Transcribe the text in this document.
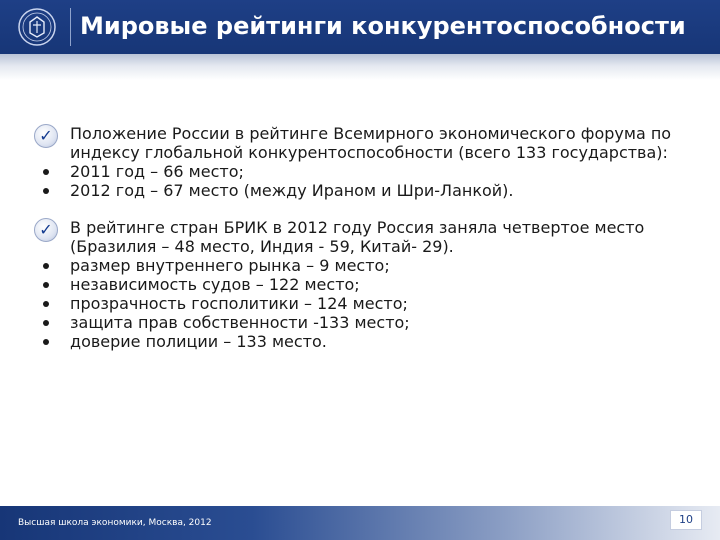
Мировые рейтинги конкурентоспособности

✓ Положение России в рейтинге Всемирного экономического форума по индексу глобальной конкурентоспособности (всего 133 государства):

2011 год – 66 место;

2012 год – 67 место (между Ираном и Шри-Ланкой).

✓ В рейтинге стран БРИК в 2012 году Россия заняла четвертое место (Бразилия – 48 место, Индия - 59, Китай- 29).

размер внутреннего рынка – 9 место;

независимость судов – 122 место;

прозрачность госполитики – 124 место;

защита прав собственности -133 место;

доверие полиции – 133 место.

Высшая школа экономики, Москва, 2012	10
